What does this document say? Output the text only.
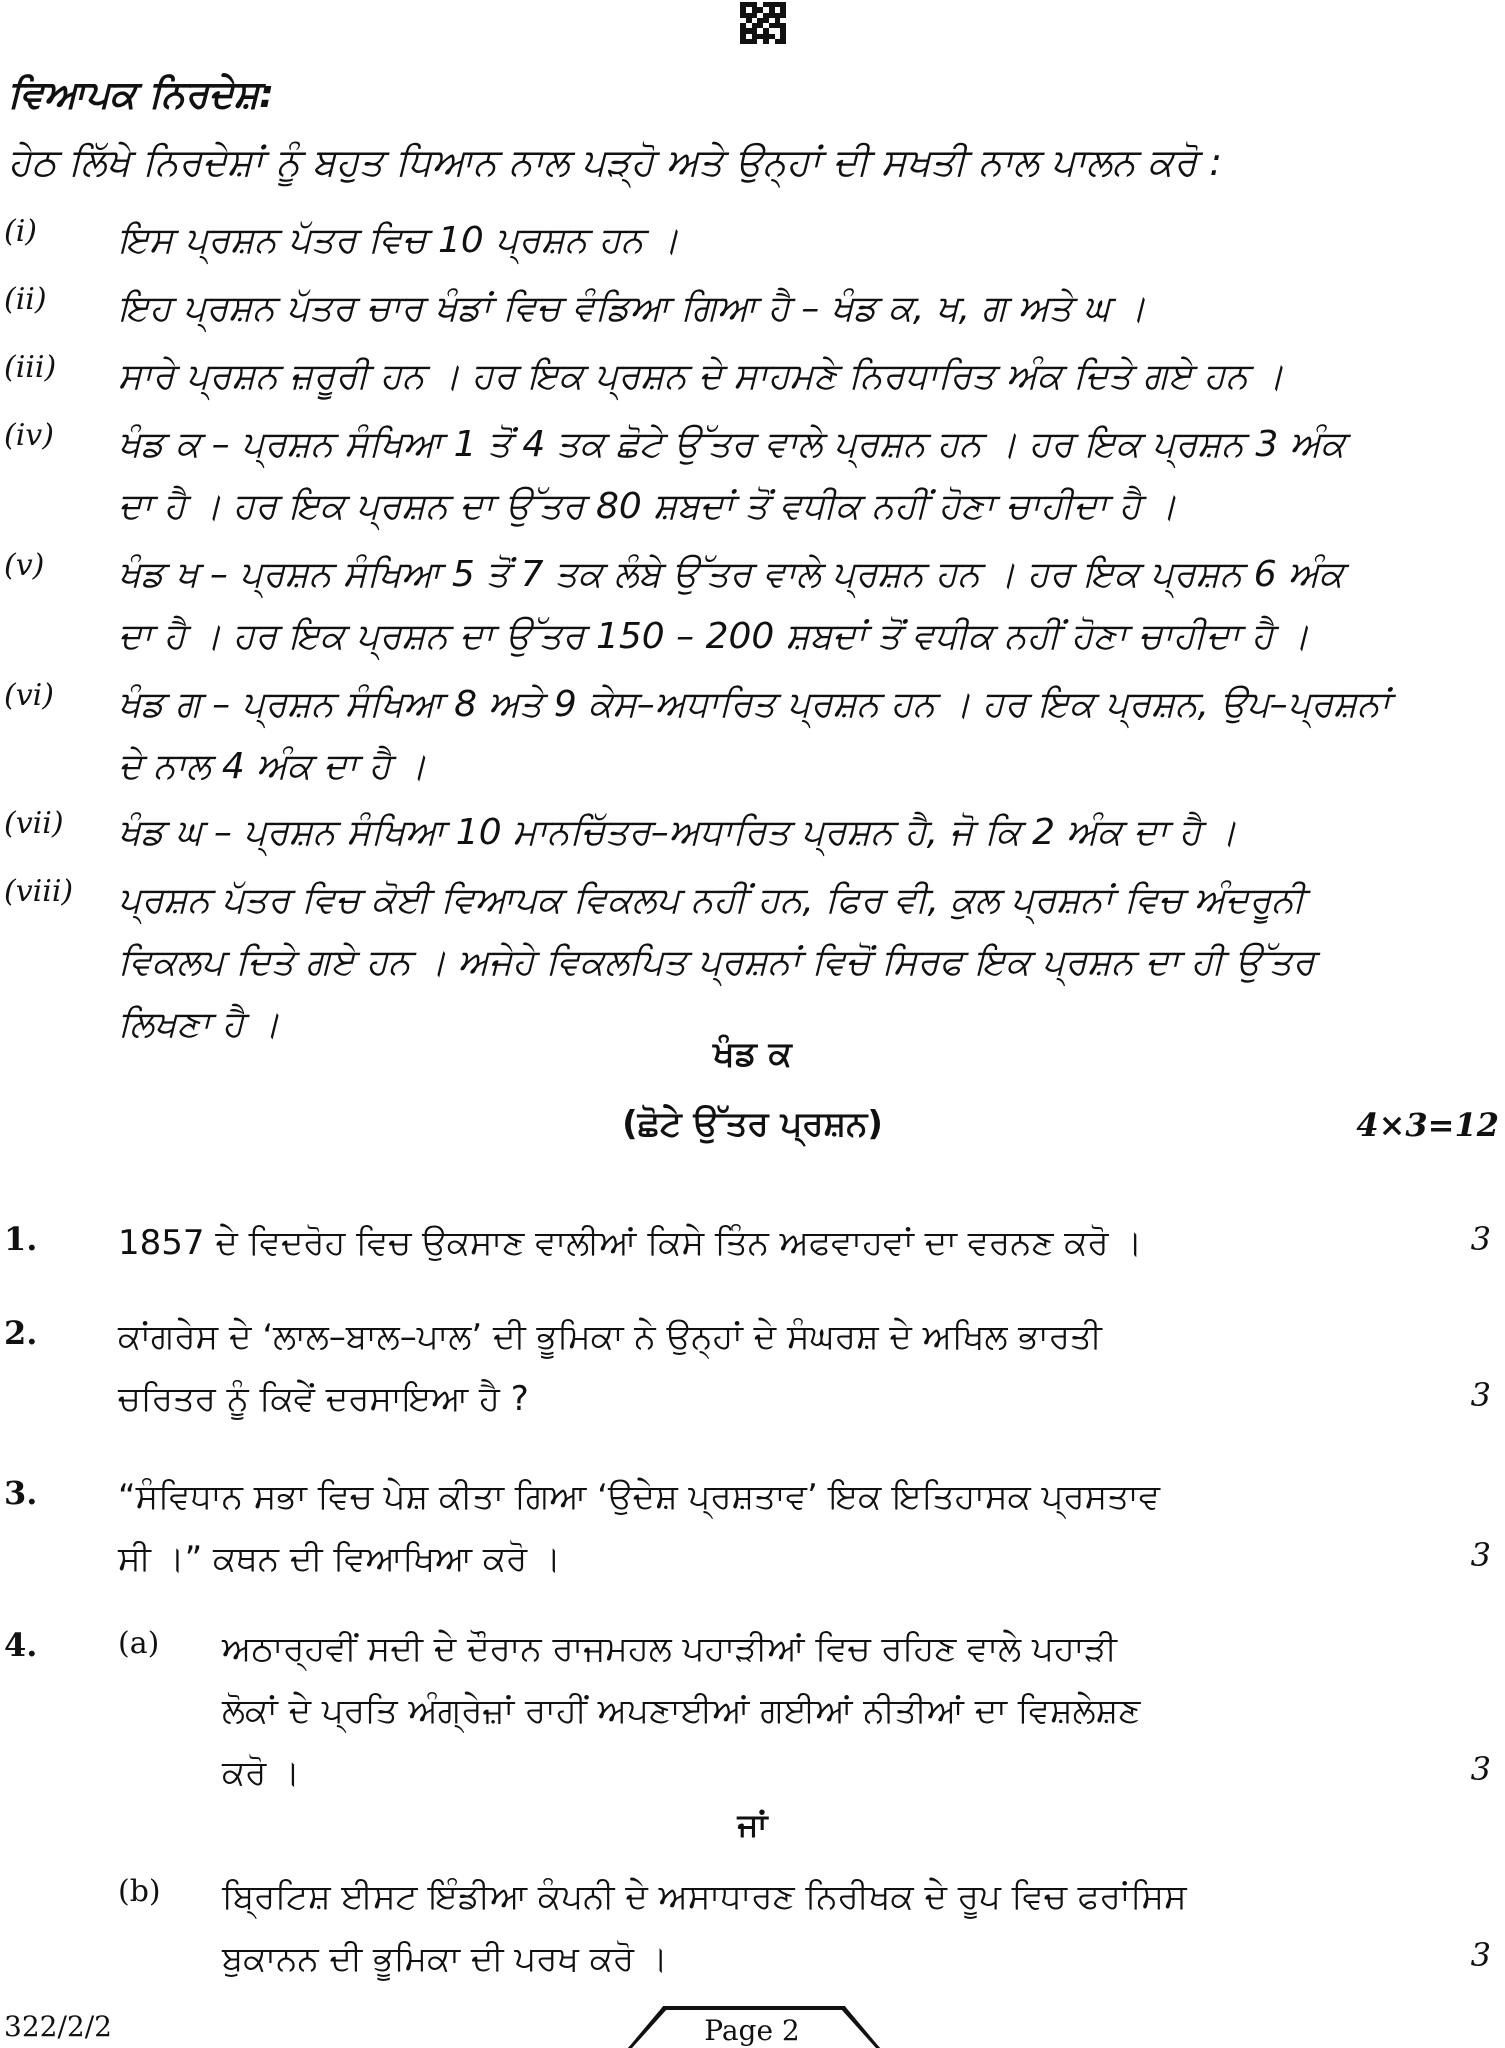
ਵਿਆਪਕ ਨਿਰਦੇਸ਼:
ਹੇਠ ਲਿੱਖੇ ਨਿਰਦੇਸ਼ਾਂ ਨੂੰ ਬਹੁਤ ਧਿਆਨ ਨਾਲ ਪੜ੍ਹੋ ਅਤੇ ਉਨ੍ਹਾਂ ਦੀ ਸਖਤੀ ਨਾਲ ਪਾਲਨ ਕਰੋ :
(i) ਇਸ ਪ੍ਰਸ਼ਨ ਪੱਤਰ ਵਿਚ 10 ਪ੍ਰਸ਼ਨ ਹਨ ।
(ii) ਇਹ ਪ੍ਰਸ਼ਨ ਪੱਤਰ ਚਾਰ ਖੰਡਾਂ ਵਿਚ ਵੰਡਿਆ ਗਿਆ ਹੈ – ਖੰਡ ਕ, ਖ, ਗ ਅਤੇ ਘ ।
(iii) ਸਾਰੇ ਪ੍ਰਸ਼ਨ ਜ਼ਰੂਰੀ ਹਨ । ਹਰ ਇਕ ਪ੍ਰਸ਼ਨ ਦੇ ਸਾਹਮਣੇ ਨਿਰਧਾਰਿਤ ਅੰਕ ਦਿਤੇ ਗਏ ਹਨ ।
(iv) ਖੰਡ ਕ – ਪ੍ਰਸ਼ਨ ਸੰਖਿਆ 1 ਤੋਂ 4 ਤਕ ਛੋਟੇ ਉੱਤਰ ਵਾਲੇ ਪ੍ਰਸ਼ਨ ਹਨ । ਹਰ ਇਕ ਪ੍ਰਸ਼ਨ 3 ਅੰਕ
ਦਾ ਹੈ । ਹਰ ਇਕ ਪ੍ਰਸ਼ਨ ਦਾ ਉੱਤਰ 80 ਸ਼ਬਦਾਂ ਤੋਂ ਵਧੀਕ ਨਹੀਂ ਹੋਣਾ ਚਾਹੀਦਾ ਹੈ ।
(v) ਖੰਡ ਖ – ਪ੍ਰਸ਼ਨ ਸੰਖਿਆ 5 ਤੋਂ 7 ਤਕ ਲੰਬੇ ਉੱਤਰ ਵਾਲੇ ਪ੍ਰਸ਼ਨ ਹਨ । ਹਰ ਇਕ ਪ੍ਰਸ਼ਨ 6 ਅੰਕ
ਦਾ ਹੈ । ਹਰ ਇਕ ਪ੍ਰਸ਼ਨ ਦਾ ਉੱਤਰ 150 – 200 ਸ਼ਬਦਾਂ ਤੋਂ ਵਧੀਕ ਨਹੀਂ ਹੋਣਾ ਚਾਹੀਦਾ ਹੈ ।
(vi) ਖੰਡ ਗ – ਪ੍ਰਸ਼ਨ ਸੰਖਿਆ 8 ਅਤੇ 9 ਕੇਸ–ਅਧਾਰਿਤ ਪ੍ਰਸ਼ਨ ਹਨ । ਹਰ ਇਕ ਪ੍ਰਸ਼ਨ, ਉਪ–ਪ੍ਰਸ਼ਨਾਂ
ਦੇ ਨਾਲ 4 ਅੰਕ ਦਾ ਹੈ ।
(vii) ਖੰਡ ਘ – ਪ੍ਰਸ਼ਨ ਸੰਖਿਆ 10 ਮਾਨਚਿੱਤਰ–ਅਧਾਰਿਤ ਪ੍ਰਸ਼ਨ ਹੈ, ਜੋ ਕਿ 2 ਅੰਕ ਦਾ ਹੈ ।
(viii) ਪ੍ਰਸ਼ਨ ਪੱਤਰ ਵਿਚ ਕੋਈ ਵਿਆਪਕ ਵਿਕਲਪ ਨਹੀਂ ਹਨ, ਫਿਰ ਵੀ, ਕੁਲ ਪ੍ਰਸ਼ਨਾਂ ਵਿਚ ਅੰਦਰੂਨੀ
ਵਿਕਲਪ ਦਿਤੇ ਗਏ ਹਨ । ਅਜੇਹੇ ਵਿਕਲਪਿਤ ਪ੍ਰਸ਼ਨਾਂ ਵਿਚੋਂ ਸਿਰਫ ਇਕ ਪ੍ਰਸ਼ਨ ਦਾ ਹੀ ਉੱਤਰ
ਲਿਖਣਾ ਹੈ ।
ਖੰਡ ਕ
(ਛੋਟੇ ਉੱਤਰ ਪ੍ਰਸ਼ਨ)	4×3=12
1. 1857 ਦੇ ਵਿਦਰੋਹ ਵਿਚ ਉਕਸਾਣ ਵਾਲੀਆਂ ਕਿਸੇ ਤਿੰਨ ਅਫਵਾਹਵਾਂ ਦਾ ਵਰਨਣ ਕਰੋ ।	3
2. ਕਾਂਗਰੇਸ ਦੇ ‘ਲਾਲ–ਬਾਲ–ਪਾਲ’ ਦੀ ਭੂਮਿਕਾ ਨੇ ਉਨ੍ਹਾਂ ਦੇ ਸੰਘਰਸ਼ ਦੇ ਅਖਿਲ ਭਾਰਤੀ
ਚਰਿਤਰ ਨੂੰ ਕਿਵੇਂ ਦਰਸਾਇਆ ਹੈ ?	3
3. “ਸੰਵਿਧਾਨ ਸਭਾ ਵਿਚ ਪੇਸ਼ ਕੀਤਾ ਗਿਆ ‘ਉਦੇਸ਼ ਪ੍ਰਸ਼ਤਾਵ’ ਇਕ ਇਤਿਹਾਸਕ ਪ੍ਰਸਤਾਵ
ਸੀ ।” ਕਥਨ ਦੀ ਵਿਆਖਿਆ ਕਰੋ ।	3
4.	(a) ਅਠਾਰ੍ਹਵੀਂ ਸਦੀ ਦੇ ਦੌਰਾਨ ਰਾਜਮਹਲ ਪਹਾੜੀਆਂ ਵਿਚ ਰਹਿਣ ਵਾਲੇ ਪਹਾੜੀ
ਲੋਕਾਂ ਦੇ ਪ੍ਰਤਿ ਅੰਗ੍ਰੇਜ਼ਾਂ ਰਾਹੀਂ ਅਪਣਾਈਆਂ ਗਈਆਂ ਨੀਤੀਆਂ ਦਾ ਵਿਸ਼ਲੇਸ਼ਣ
ਕਰੋ ।	3
ਜਾਂ
(b) ਬ੍ਰਿਟਿਸ਼ ਈਸਟ ਇੰਡੀਆ ਕੰਪਨੀ ਦੇ ਅਸਾਧਾਰਣ ਨਿਰੀਖਕ ਦੇ ਰੂਪ ਵਿਚ ਫਰਾਂਸਿਸ
ਬੁਕਾਨਨ ਦੀ ਭੂਮਿਕਾ ਦੀ ਪਰਖ ਕਰੋ ।	3
322/2/2	Page 2
